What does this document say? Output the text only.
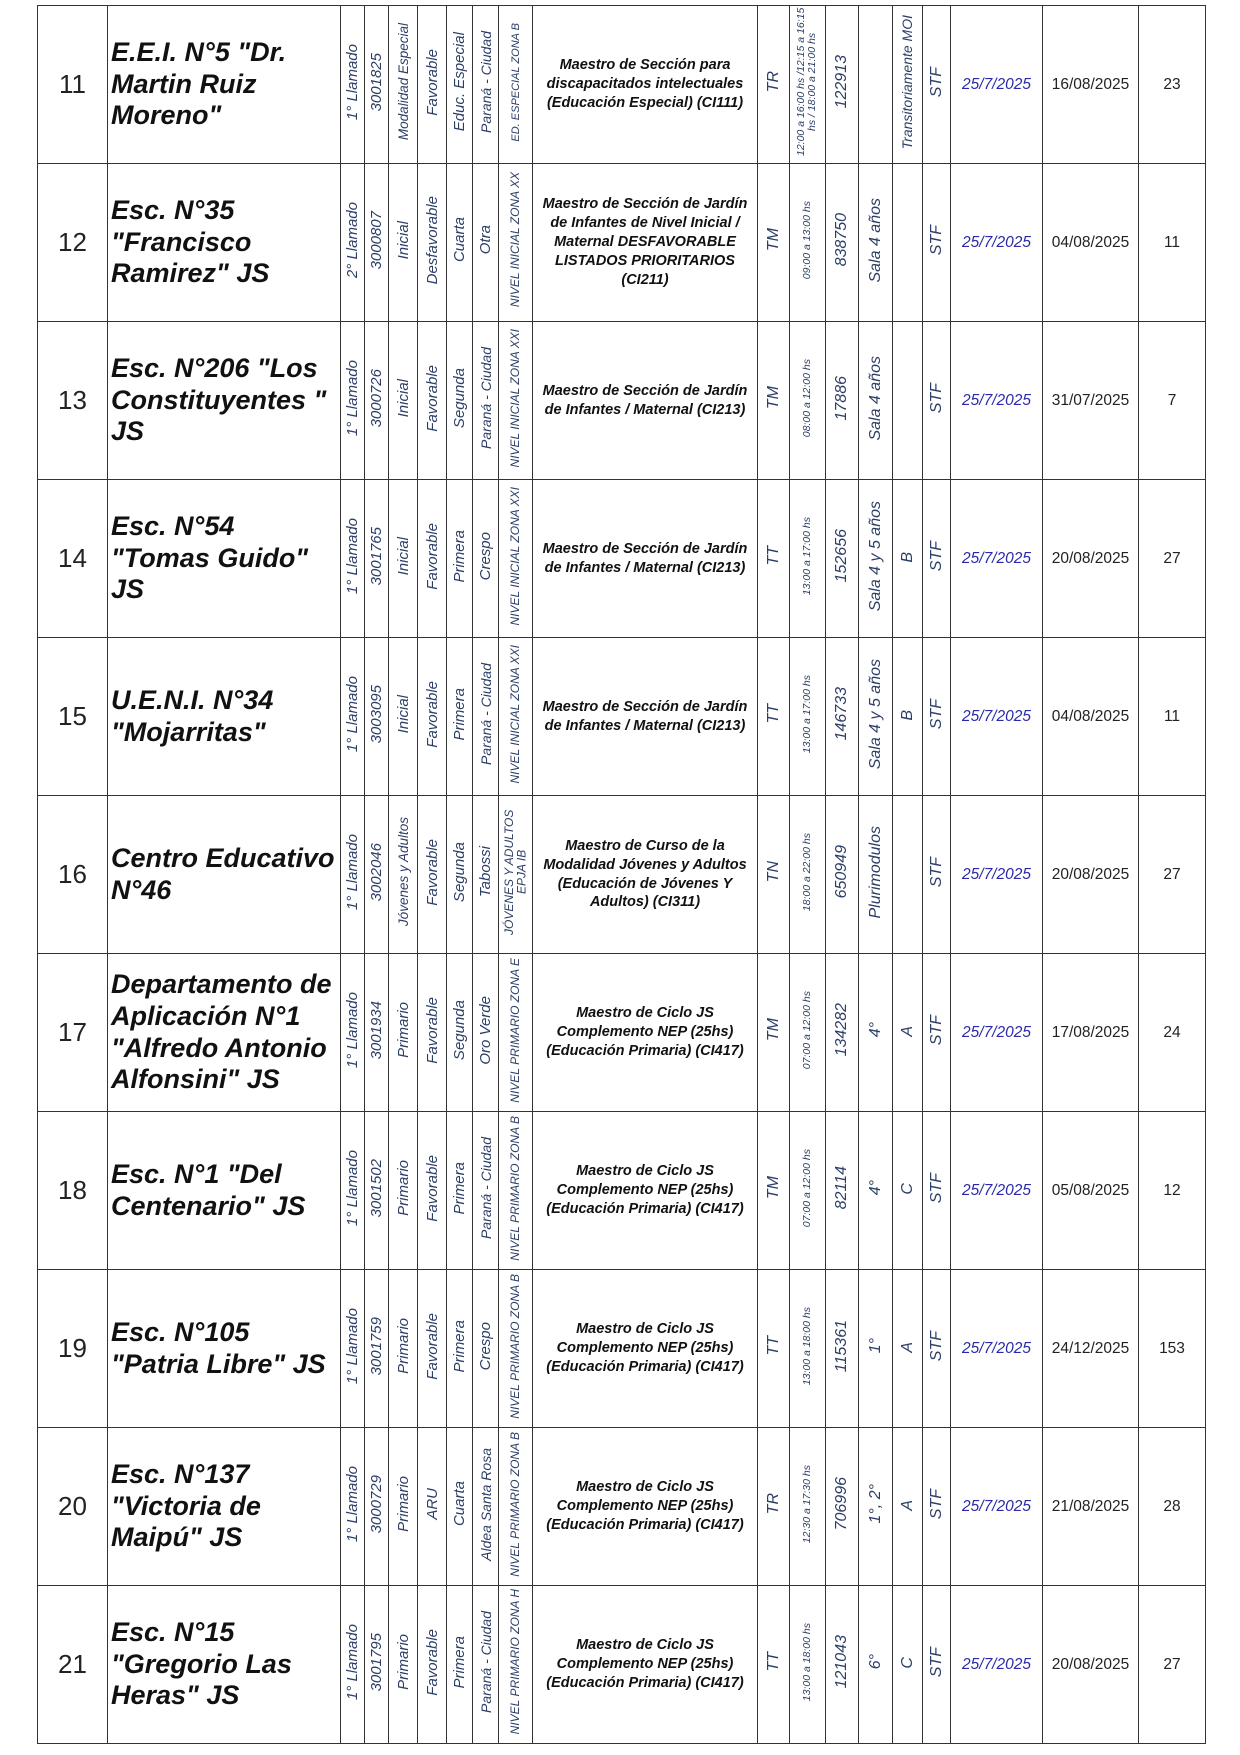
11	E.E.I. N°5 "Dr. Martin Ruiz Moreno"	1° Llamado	3001825	Modalidad Especial	Favorable	Educ. Especial	Paraná - Ciudad	ED. ESPECIAL ZONA B	Maestro de Sección para discapacitados intelectuales (Educación Especial) (CI111)	TR	12:00 a 16:00 hs /12:15 a 16:15 hs / 18:00 a 21:00 hs	122913		Transitoriamente MOI	STF	25/7/2025	16/08/2025	23
12	Esc. N°35 "Francisco Ramirez" JS	2° Llamado	3000807	Inicial	Desfavorable	Cuarta	Otra	NIVEL INICIAL ZONA XX	Maestro de Sección de Jardín de Infantes de Nivel Inicial / Maternal DESFAVORABLE LISTADOS PRIORITARIOS (CI211)	TM	09:00 a 13:00 hs	838750	Sala 4 años		STF	25/7/2025	04/08/2025	11
13	Esc. N°206 "Los Constituyentes " JS	1° Llamado	3000726	Inicial	Favorable	Segunda	Paraná - Ciudad	NIVEL INICIAL ZONA XXI	Maestro de Sección de Jardín de Infantes / Maternal (CI213)	TM	08:00 a 12:00 hs	17886	Sala 4 años		STF	25/7/2025	31/07/2025	7
14	Esc. N°54 "Tomas Guido" JS	1° Llamado	3001765	Inicial	Favorable	Primera	Crespo	NIVEL INICIAL ZONA XXI	Maestro de Sección de Jardín de Infantes / Maternal (CI213)	TT	13:00 a 17:00 hs	152656	Sala 4 y 5 años	B	STF	25/7/2025	20/08/2025	27
15	U.E.N.I. N°34 "Mojarritas"	1° Llamado	3003095	Inicial	Favorable	Primera	Paraná - Ciudad	NIVEL INICIAL ZONA XXI	Maestro de Sección de Jardín de Infantes / Maternal (CI213)	TT	13:00 a 17:00 hs	146733	Sala 4 y 5 años	B	STF	25/7/2025	04/08/2025	11
16	Centro Educativo N°46	1° Llamado	3002046	Jóvenes y Adultos	Favorable	Segunda	Tabossi	JÓVENES Y ADULTOS EPJA IB	Maestro de Curso de la Modalidad Jóvenes y Adultos (Educación de Jóvenes Y Adultos) (CI311)	TN	18:00 a 22:00 hs	650949	Plurimodulos		STF	25/7/2025	20/08/2025	27
17	Departamento de Aplicación N°1 "Alfredo Antonio Alfonsini" JS	1° Llamado	3001934	Primario	Favorable	Segunda	Oro Verde	NIVEL PRIMARIO ZONA E	Maestro de Ciclo JS Complemento NEP (25hs) (Educación Primaria) (CI417)	TM	07:00 a 12:00 hs	134282	4°	A	STF	25/7/2025	17/08/2025	24
18	Esc. N°1 "Del Centenario" JS	1° Llamado	3001502	Primario	Favorable	Primera	Paraná - Ciudad	NIVEL PRIMARIO ZONA B	Maestro de Ciclo JS Complemento NEP (25hs) (Educación Primaria) (CI417)	TM	07:00 a 12:00 hs	82114	4°	C	STF	25/7/2025	05/08/2025	12
19	Esc. N°105 "Patria Libre" JS	1° Llamado	3001759	Primario	Favorable	Primera	Crespo	NIVEL PRIMARIO ZONA B	Maestro de Ciclo JS Complemento NEP (25hs) (Educación Primaria) (CI417)	TT	13:00 a 18:00 hs	115361	1°	A	STF	25/7/2025	24/12/2025	153
20	Esc. N°137 "Victoria de Maipú" JS	1° Llamado	3000729	Primario	ARU	Cuarta	Aldea Santa Rosa	NIVEL PRIMARIO ZONA B	Maestro de Ciclo JS Complemento NEP (25hs) (Educación Primaria) (CI417)	TR	12:30 a 17:30 hs	706996	1°, 2°	A	STF	25/7/2025	21/08/2025	28
21	Esc. N°15 "Gregorio Las Heras" JS	1° Llamado	3001795	Primario	Favorable	Primera	Paraná - Ciudad	NIVEL PRIMARIO ZONA H	Maestro de Ciclo JS Complemento NEP (25hs) (Educación Primaria) (CI417)	TT	13:00 a 18:00 hs	121043	6°	C	STF	25/7/2025	20/08/2025	27
